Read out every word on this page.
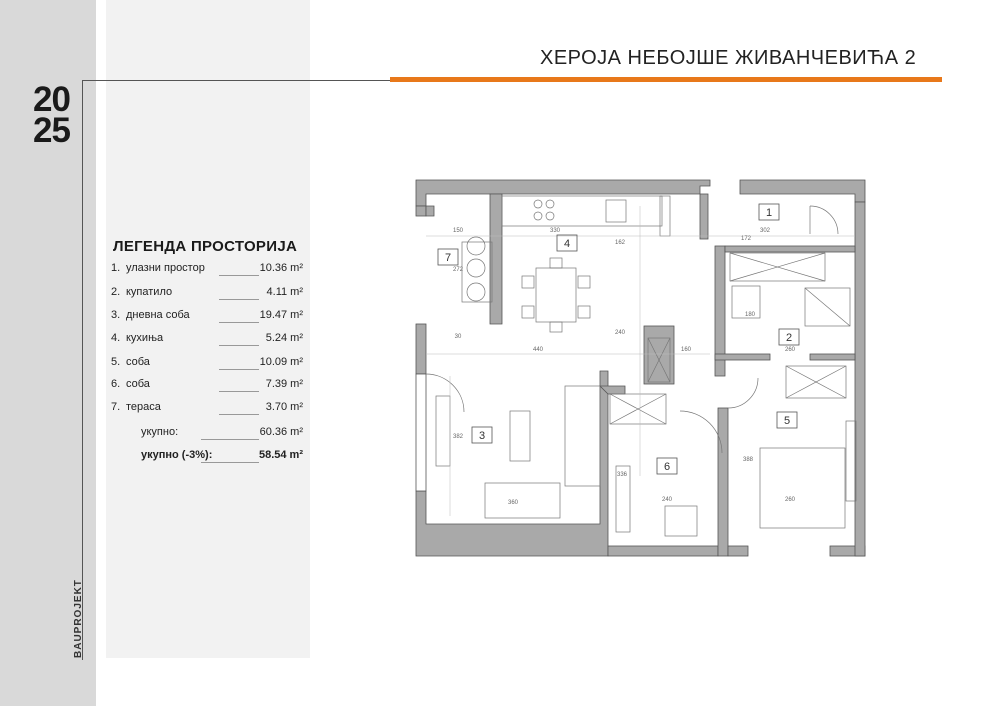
20
25
BAUPROJEKT
ХЕРОЈА НЕБОЈШЕ ЖИВАНЧЕВИЋА 2
ЛЕГЕНДА ПРОСТОРИЈА
1. улазни простор	10.36 m²
2. купатило	4.11 m²
3. дневна соба	19.47 m²
4. кухиња	5.24 m²
5. соба	10.09 m²
6. соба	7.39 m²
7. тераса	3.70 m²
укупно:	60.36 m²
укупно (-3%):	58.54 m²
1
2
3
4
5
6
7
150	330
162
302
172
272
30
440	160
240
180
260
382
388
336
240	260
360
